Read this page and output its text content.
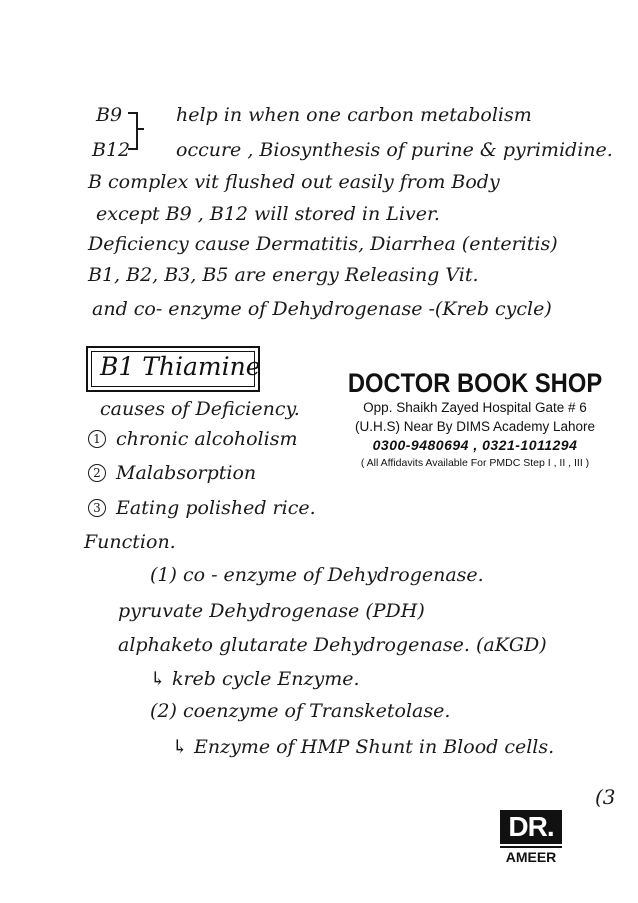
B9	help in when one carbon metabolism
B12 occure , Biosynthesis of purine & pyrimidine.
B complex vit flushed out easily from Body
except B9 , B12 will stored in Liver.
Deficiency cause Dermatitis, Diarrhea (enteritis)
B1, B2, B3, B5 are energy Releasing Vit.
and co- enzyme of Dehydrogenase -(Kreb cycle)
B1 Thiamine
DOCTOR BOOK SHOP
Opp. Shaikh Zayed Hospital Gate # 6
(U.H.S) Near By DIMS Academy Lahore
0300-9480694 , 0321-1011294
( All Affidavits Available For PMDC Step I , II , III )
causes of Deficiency.
1 chronic alcoholism
2 Malabsorption
3 Eating polished rice.
Function.
(1) co - enzyme of Dehydrogenase.
pyruvate Dehydrogenase (PDH)
alphaketo glutarate Dehydrogenase. (aKGD)
↳ kreb cycle Enzyme.
(2) coenzyme of Transketolase.
↳ Enzyme of HMP Shunt in Blood cells.
(3
DR.
AMEER
